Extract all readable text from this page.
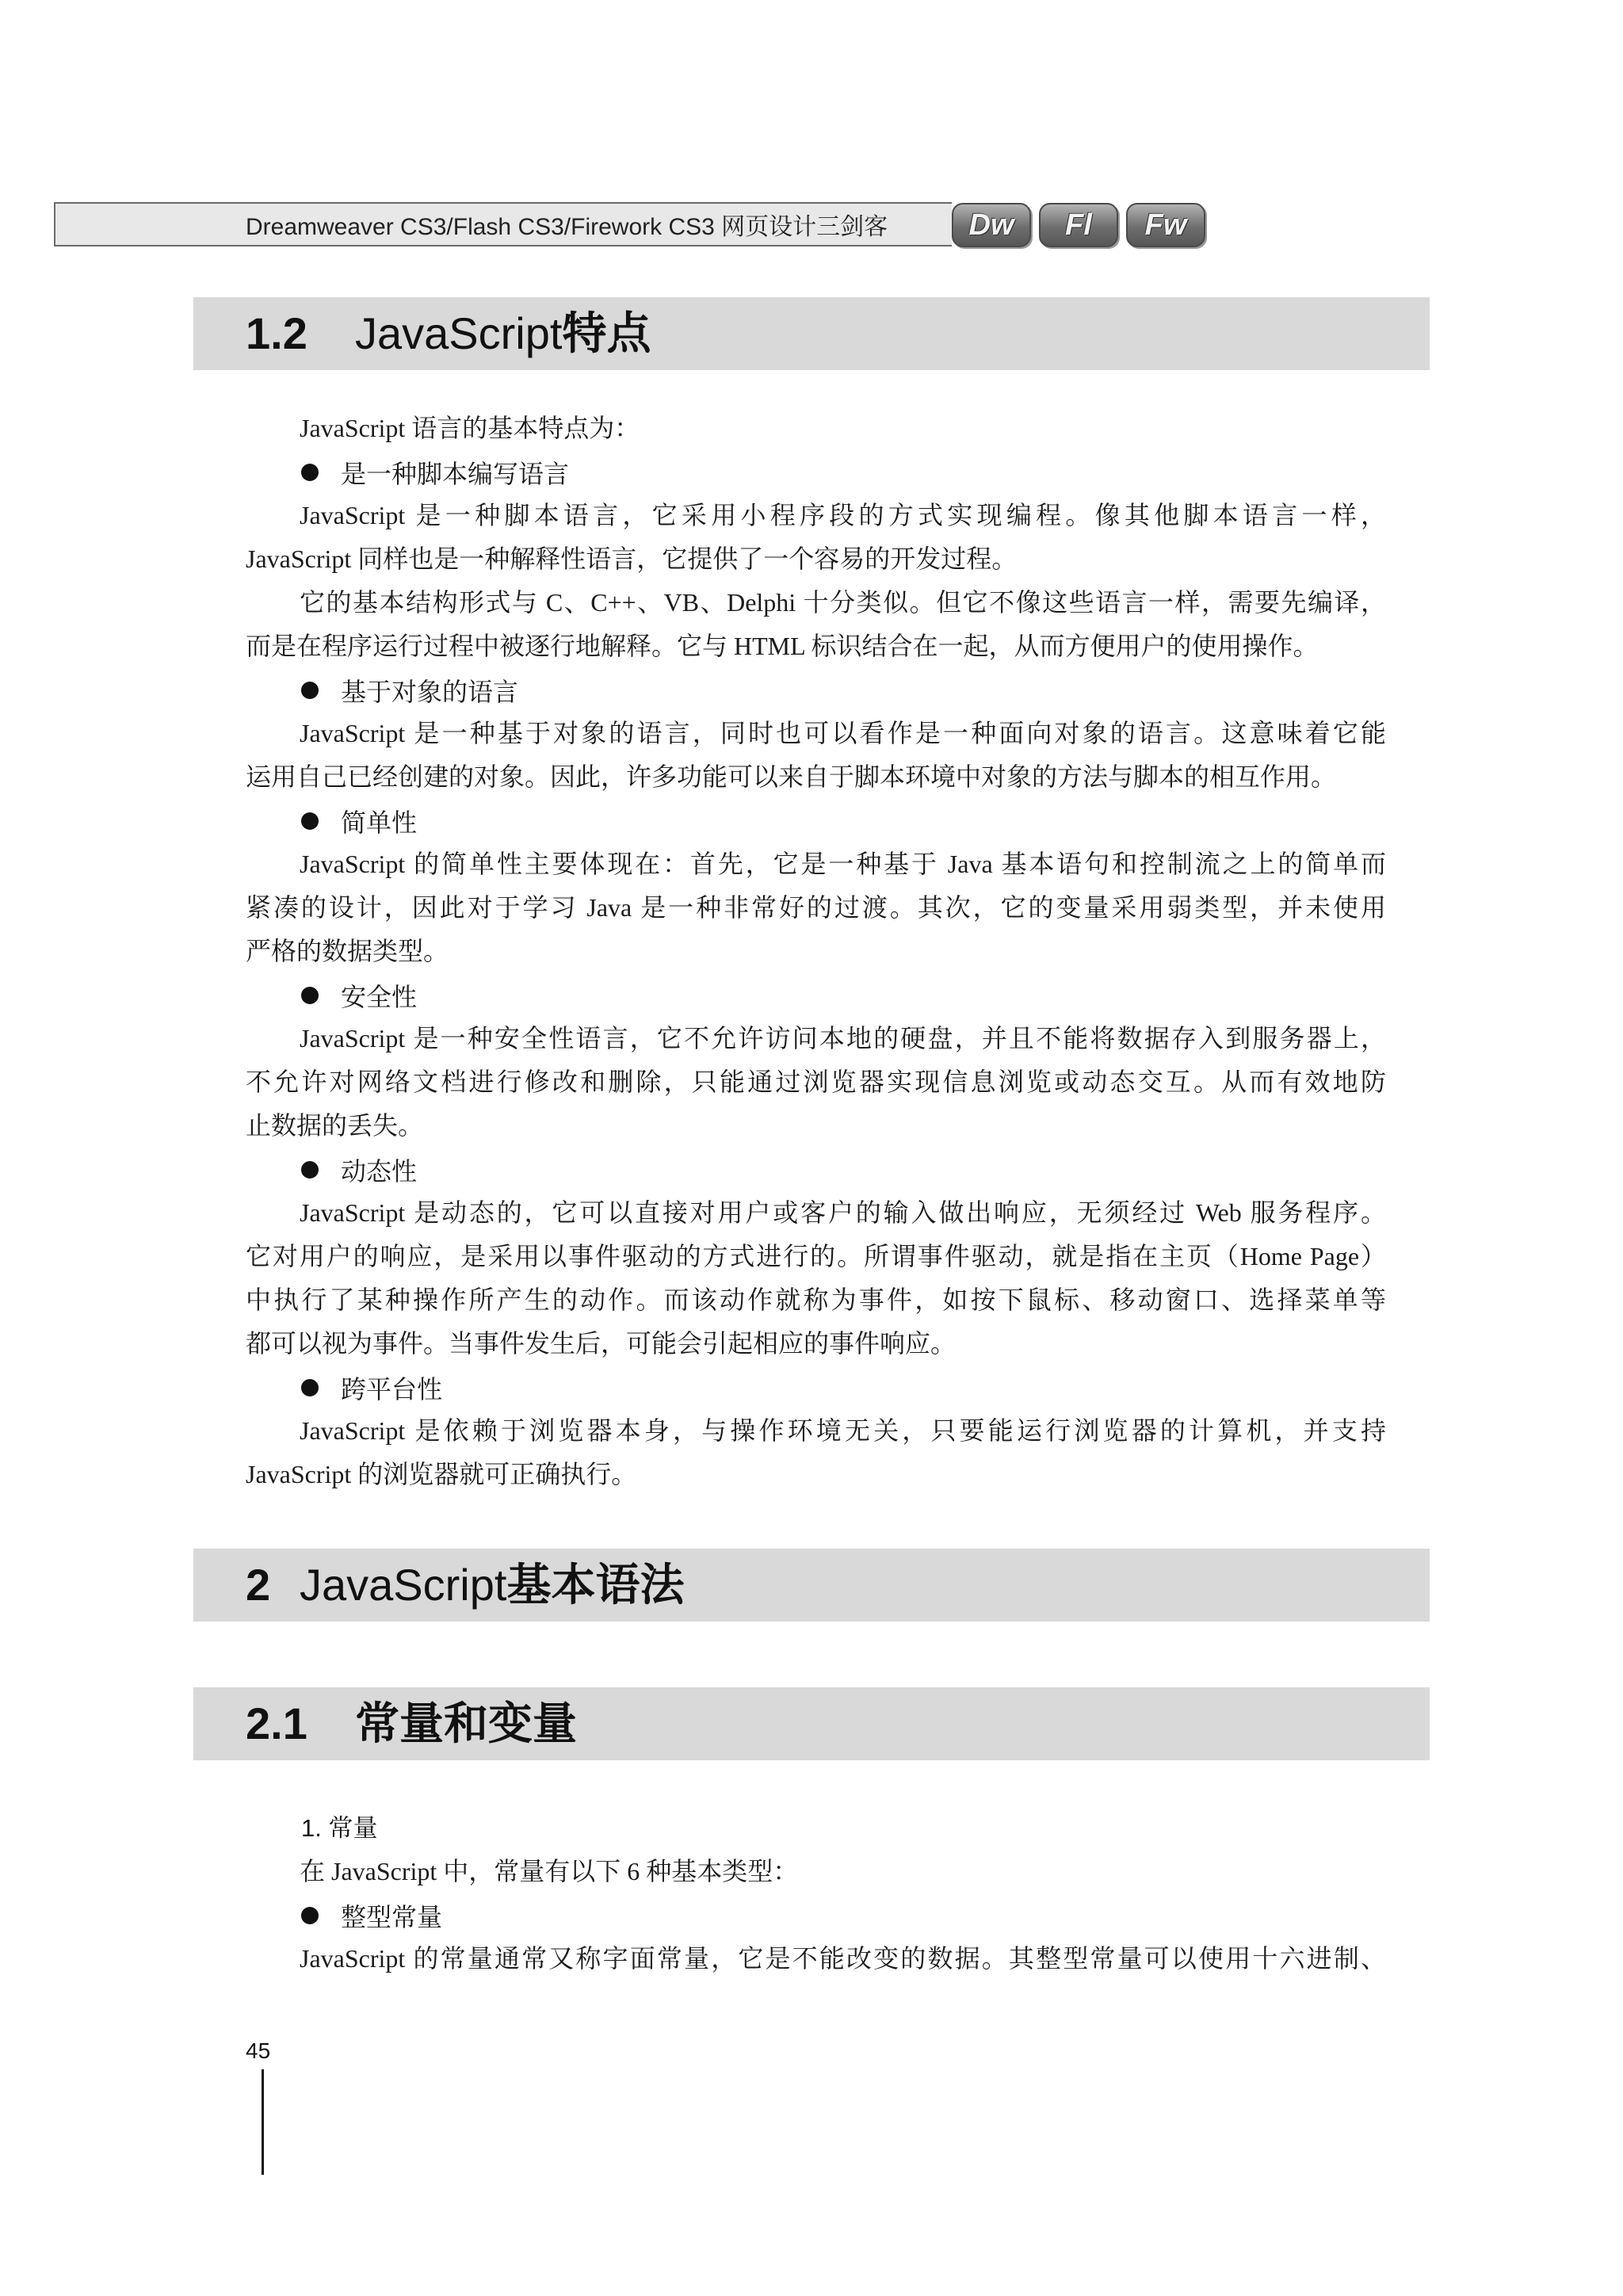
Dreamweaver CS3/Flash CS3/Firework CS3 网页设计三剑客	Dw	Fl	Fw
1.2 JavaScript特点
JavaScript 语言的基本特点为：
是一种脚本编写语言
JavaScript 是一种脚本语言，它采用小程序段的方式实现编程。像其他脚本语言一样，
JavaScript 同样也是一种解释性语言，它提供了一个容易的开发过程。
它的基本结构形式与 C、C++、VB、Delphi 十分类似。但它不像这些语言一样，需要先编译，
而是在程序运行过程中被逐行地解释。它与 HTML 标识结合在一起，从而方便用户的使用操作。
基于对象的语言
JavaScript 是一种基于对象的语言，同时也可以看作是一种面向对象的语言。这意味着它能
运用自己已经创建的对象。因此，许多功能可以来自于脚本环境中对象的方法与脚本的相互作用。
简单性
JavaScript 的简单性主要体现在：首先，它是一种基于 Java 基本语句和控制流之上的简单而
紧凑的设计，因此对于学习 Java 是一种非常好的过渡。其次，它的变量采用弱类型，并未使用
严格的数据类型。
安全性
JavaScript 是一种安全性语言，它不允许访问本地的硬盘，并且不能将数据存入到服务器上，
不允许对网络文档进行修改和删除，只能通过浏览器实现信息浏览或动态交互。从而有效地防
止数据的丢失。
动态性
JavaScript 是动态的，它可以直接对用户或客户的输入做出响应，无须经过 Web 服务程序。
它对用户的响应，是采用以事件驱动的方式进行的。所谓事件驱动，就是指在主页（Home Page）
中执行了某种操作所产生的动作。而该动作就称为事件，如按下鼠标、移动窗口、选择菜单等
都可以视为事件。当事件发生后，可能会引起相应的事件响应。
跨平台性
JavaScript 是依赖于浏览器本身，与操作环境无关，只要能运行浏览器的计算机，并支持
JavaScript 的浏览器就可正确执行。
2 JavaScript基本语法
2.1 常量和变量
1. 常量
在 JavaScript 中，常量有以下 6 种基本类型：
整型常量
JavaScript 的常量通常又称字面常量，它是不能改变的数据。其整型常量可以使用十六进制、
45
